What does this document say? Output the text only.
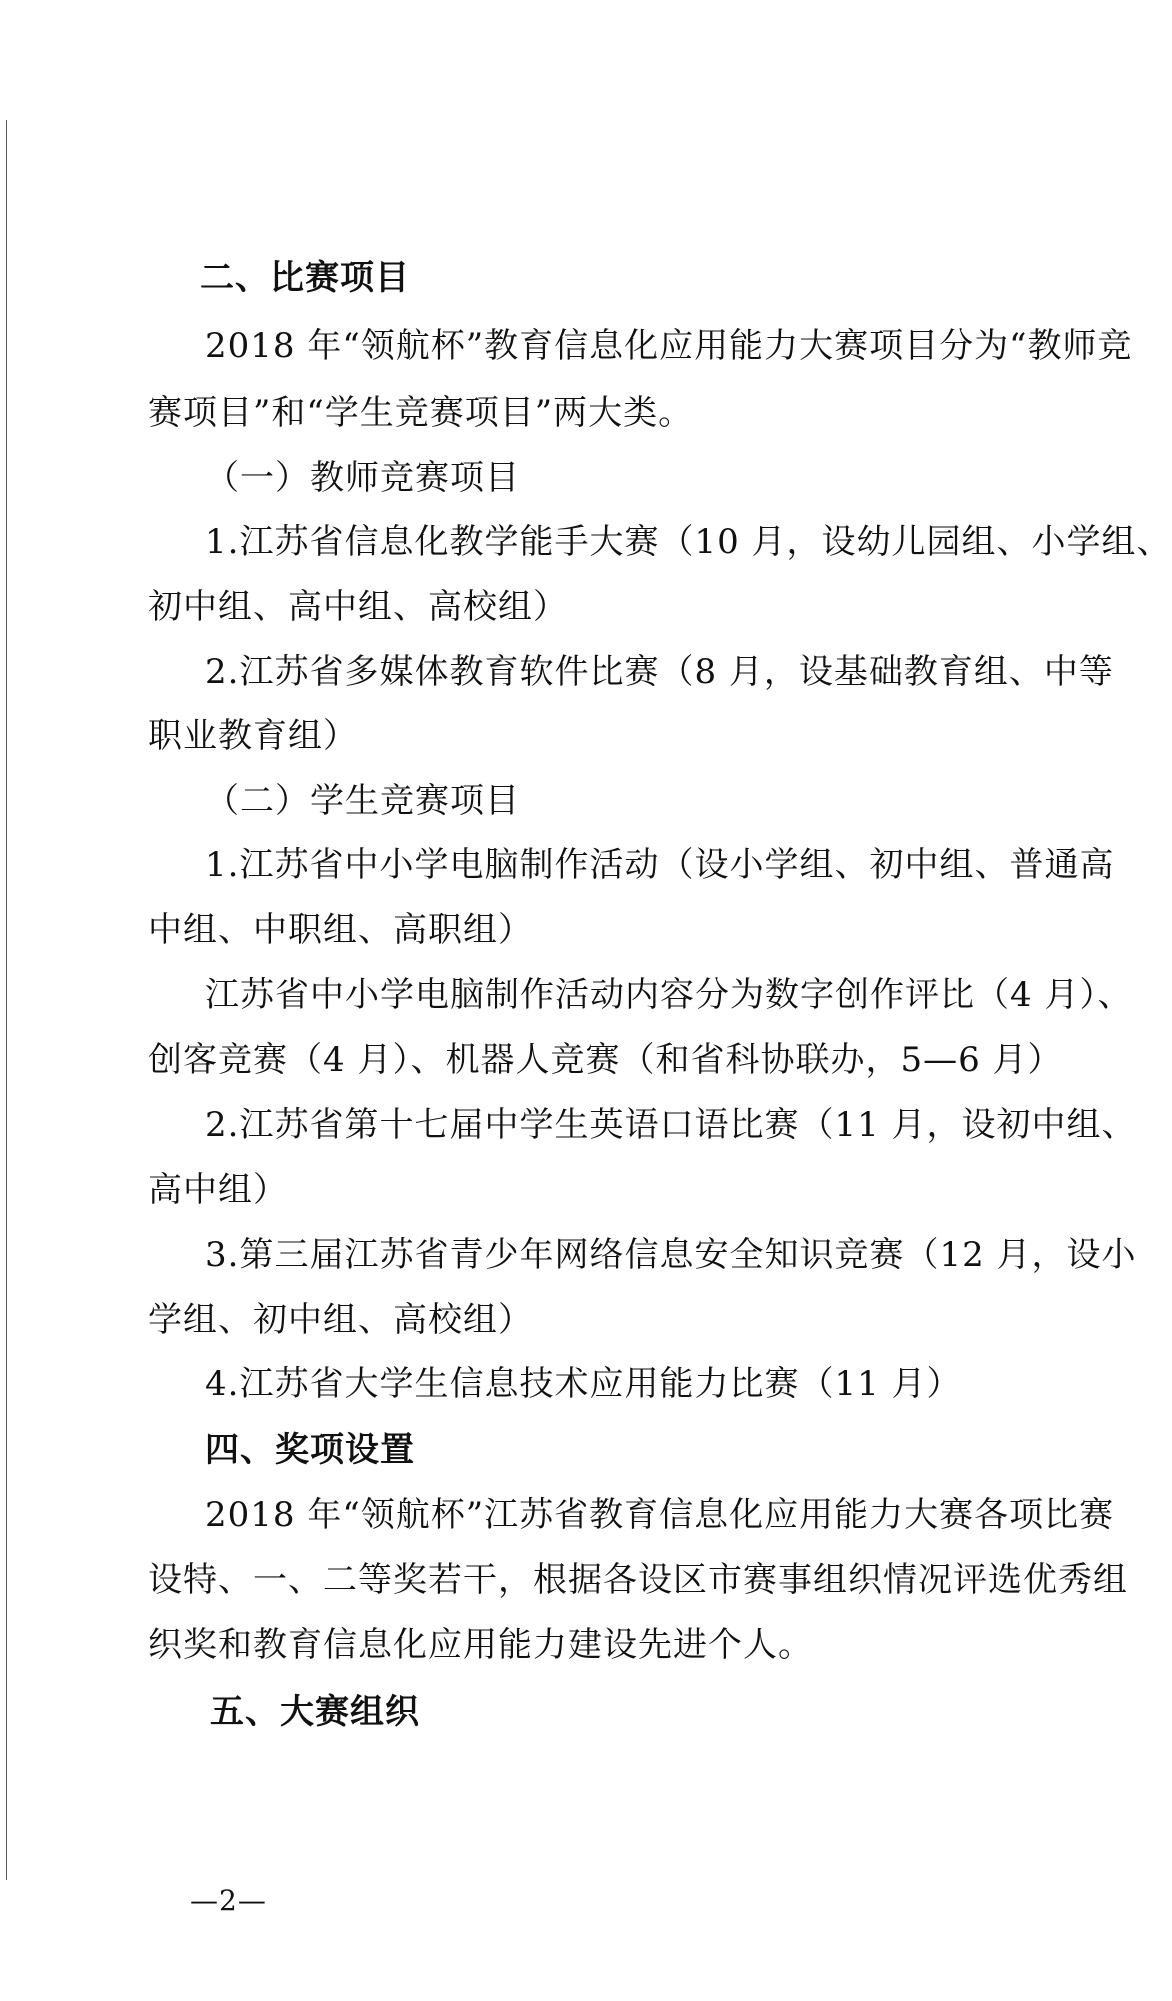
二、比赛项目
2018 年“领航杯”教育信息化应用能力大赛项目分为“教师竞
赛项目”和“学生竞赛项目”两大类。
（一）教师竞赛项目
1.江苏省信息化教学能手大赛（10 月，设幼儿园组、小学组、
初中组、高中组、高校组）
2.江苏省多媒体教育软件比赛（8 月，设基础教育组、中等
职业教育组）
（二）学生竞赛项目
1.江苏省中小学电脑制作活动（设小学组、初中组、普通高
中组、中职组、高职组）
江苏省中小学电脑制作活动内容分为数字创作评比（4 月）、
创客竞赛（4 月）、机器人竞赛（和省科协联办，5—6 月）
2.江苏省第十七届中学生英语口语比赛（11 月，设初中组、
高中组）
3.第三届江苏省青少年网络信息安全知识竞赛（12 月，设小
学组、初中组、高校组）
4.江苏省大学生信息技术应用能力比赛（11 月）
四、奖项设置
2018 年“领航杯”江苏省教育信息化应用能力大赛各项比赛
设特、一、二等奖若干，根据各设区市赛事组织情况评选优秀组
织奖和教育信息化应用能力建设先进个人。
五、大赛组织
—2—
